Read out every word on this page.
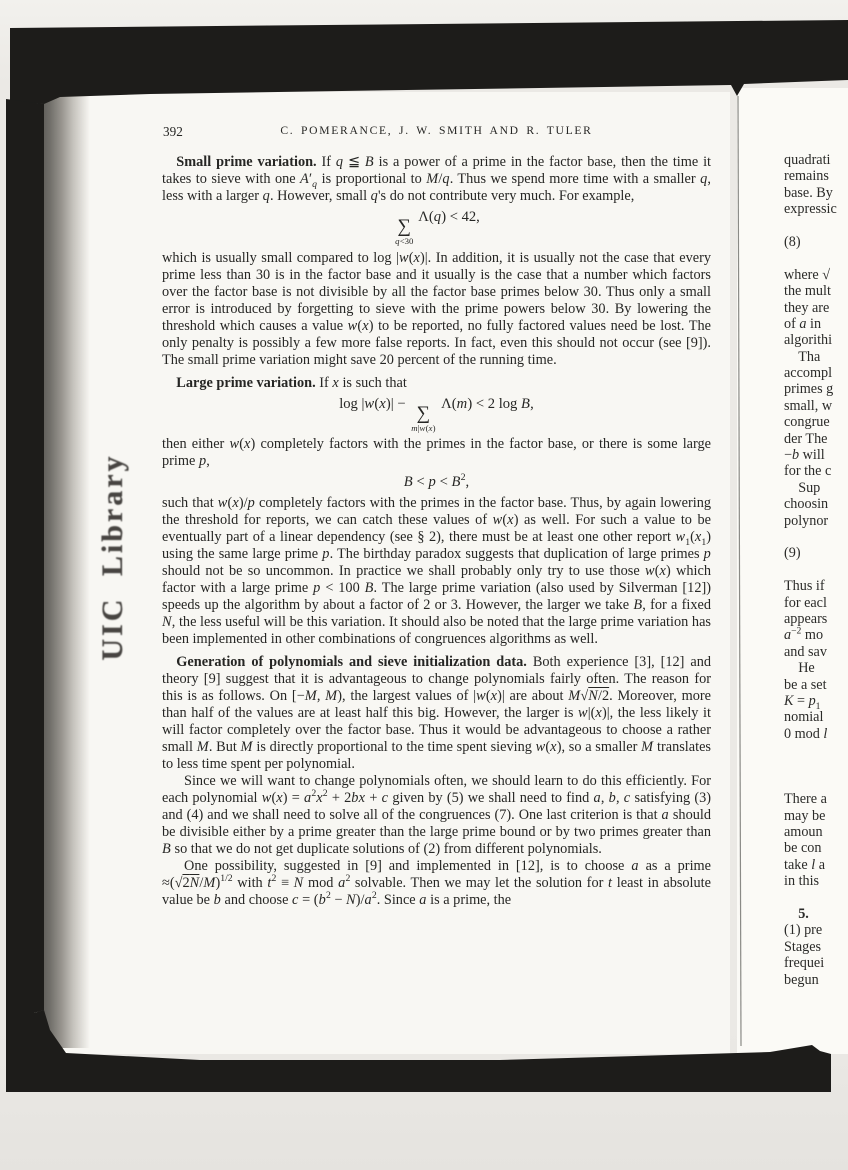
quadrati
remains
base. By
expressic

(8)

where √
the mult
they are
of a in
algorithi
 Tha
accompl
primes g
small, w
congrue
der The
−b will
for the c
 Sup
choosin
polynor

(9)

Thus if
for eacl
appears
$a^{-2}$ mo
and sav
 He
be a set
$K = p_1$
nomial
0 mod l

There a
may be
amoun
be con
take l a
in this

 5.
(1) pre
Stages
frequei
begun
392	C. POMERANCE, J. W. SMITH AND R. TULER
 Small prime variation. If q ≦ B is a power of a prime in the factor base, then the time it takes to sieve with one $A'_q$ is proportional to M/q. Thus we spend more time with a smaller q, less with a larger q. However, small q's do not contribute very much. For example,
∑
q<30
Λ(q) < 42,
which is usually small compared to log |w(x)|. In addition, it is usually not the case that every prime less than 30 is in the factor base and it usually is the case that a number which factors over the factor base is not divisible by all the factor base primes below 30. Thus only a small error is introduced by forgetting to sieve with the prime powers below 30. By lowering the threshold which causes a value w(x) to be reported, no fully factored values need be lost. The only penalty is possibly a few more false reports. In fact, even this should not occur (see [9]). The small prime variation might save 20 percent of the running time.
 Large prime variation. If x is such that
log |w(x)| − ∑
m|w(x)
Λ(m) < 2 log B,
then either w(x) completely factors with the primes in the factor base, or there is some large prime p,
$B < p < B^2$,
such that w(x)/p completely factors with the primes in the factor base. Thus, by again lowering the threshold for reports, we can catch these values of w(x) as well. For such a value to be eventually part of a linear dependency (see § 2), there must be at least one other report $w_1(x_1)$ using the same large prime p. The birthday paradox suggests that duplication of large primes p should not be so uncommon. In practice we shall probably only try to use those w(x) which factor with a large prime p < 100 B. The large prime variation (also used by Silverman [12]) speeds up the algorithm by about a factor of 2 or 3. However, the larger we take B, for a fixed N, the less useful will be this variation. It should also be noted that the large prime variation has been implemented in other combinations of congruences algorithms as well.
 Generation of polynomials and sieve initialization data. Both experience [3], [12] and theory [9] suggest that it is advantageous to change polynomials fairly often. The reason for this is as follows. On [−M, M), the largest values of |w(x)| are about M√N/2. Moreover, more than half of the values are at least half this big. However, the larger is w|(x)|, the less likely it will factor completely over the factor base. Thus it would be advantageous to choose a rather small M. But M is directly proportional to the time spent sieving w(x), so a smaller M translates to less time spent per polynomial.
Since we will want to change polynomials often, we should learn to do this efficiently. For each polynomial $w(x) = a^2x^2 + 2bx + c$ given by (5) we shall need to find a, b, c satisfying (3) and (4) and we shall need to solve all of the congruences (7). One last criterion is that a should be divisible either by a prime greater than the large prime bound or by two primes greater than B so that we do not get duplicate solutions of (2) from different polynomials.
One possibility, suggested in [9] and implemented in [12], is to choose a as a prime $\approx(√2N/M)^{1/2}$ with $t^2 \equiv N$ mod $a^2$ solvable. Then we may let the solution for t least in absolute value be b and choose $c = (b^2 - N)/a^2$. Since a is a prime, the
UIC Library
